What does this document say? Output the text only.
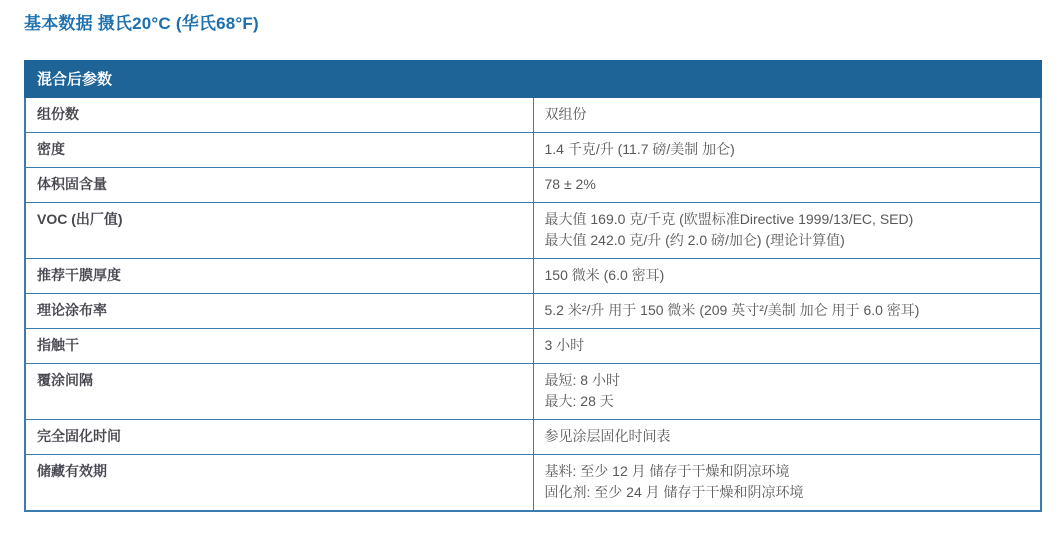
基本数据 摄氏20°C (华氏68°F)
混合后参数	
组份数	双组份

密度	1.4 千克/升 (11.7 磅/美制 加仑)

体积固含量	78 ± 2%

VOC (出厂值)	最大值 169.0 克/千克 (欧盟标准Directive 1999/13/EC, SED)
最大值 242.0 克/升 (约 2.0 磅/加仑) (理论计算值)

推荐干膜厚度	150 微米 (6.0 密耳)

理论涂布率	5.2 米²/升 用于 150 微米 (209 英寸²/美制 加仑 用于 6.0 密耳)

指触干	3 小时

覆涂间隔	最短: 8 小时
最大: 28 天

完全固化时间	参见涂层固化时间表

储藏有效期	基料: 至少 12 月 储存于干燥和阴凉环境
固化剂: 至少 24 月 储存于干燥和阴凉环境
